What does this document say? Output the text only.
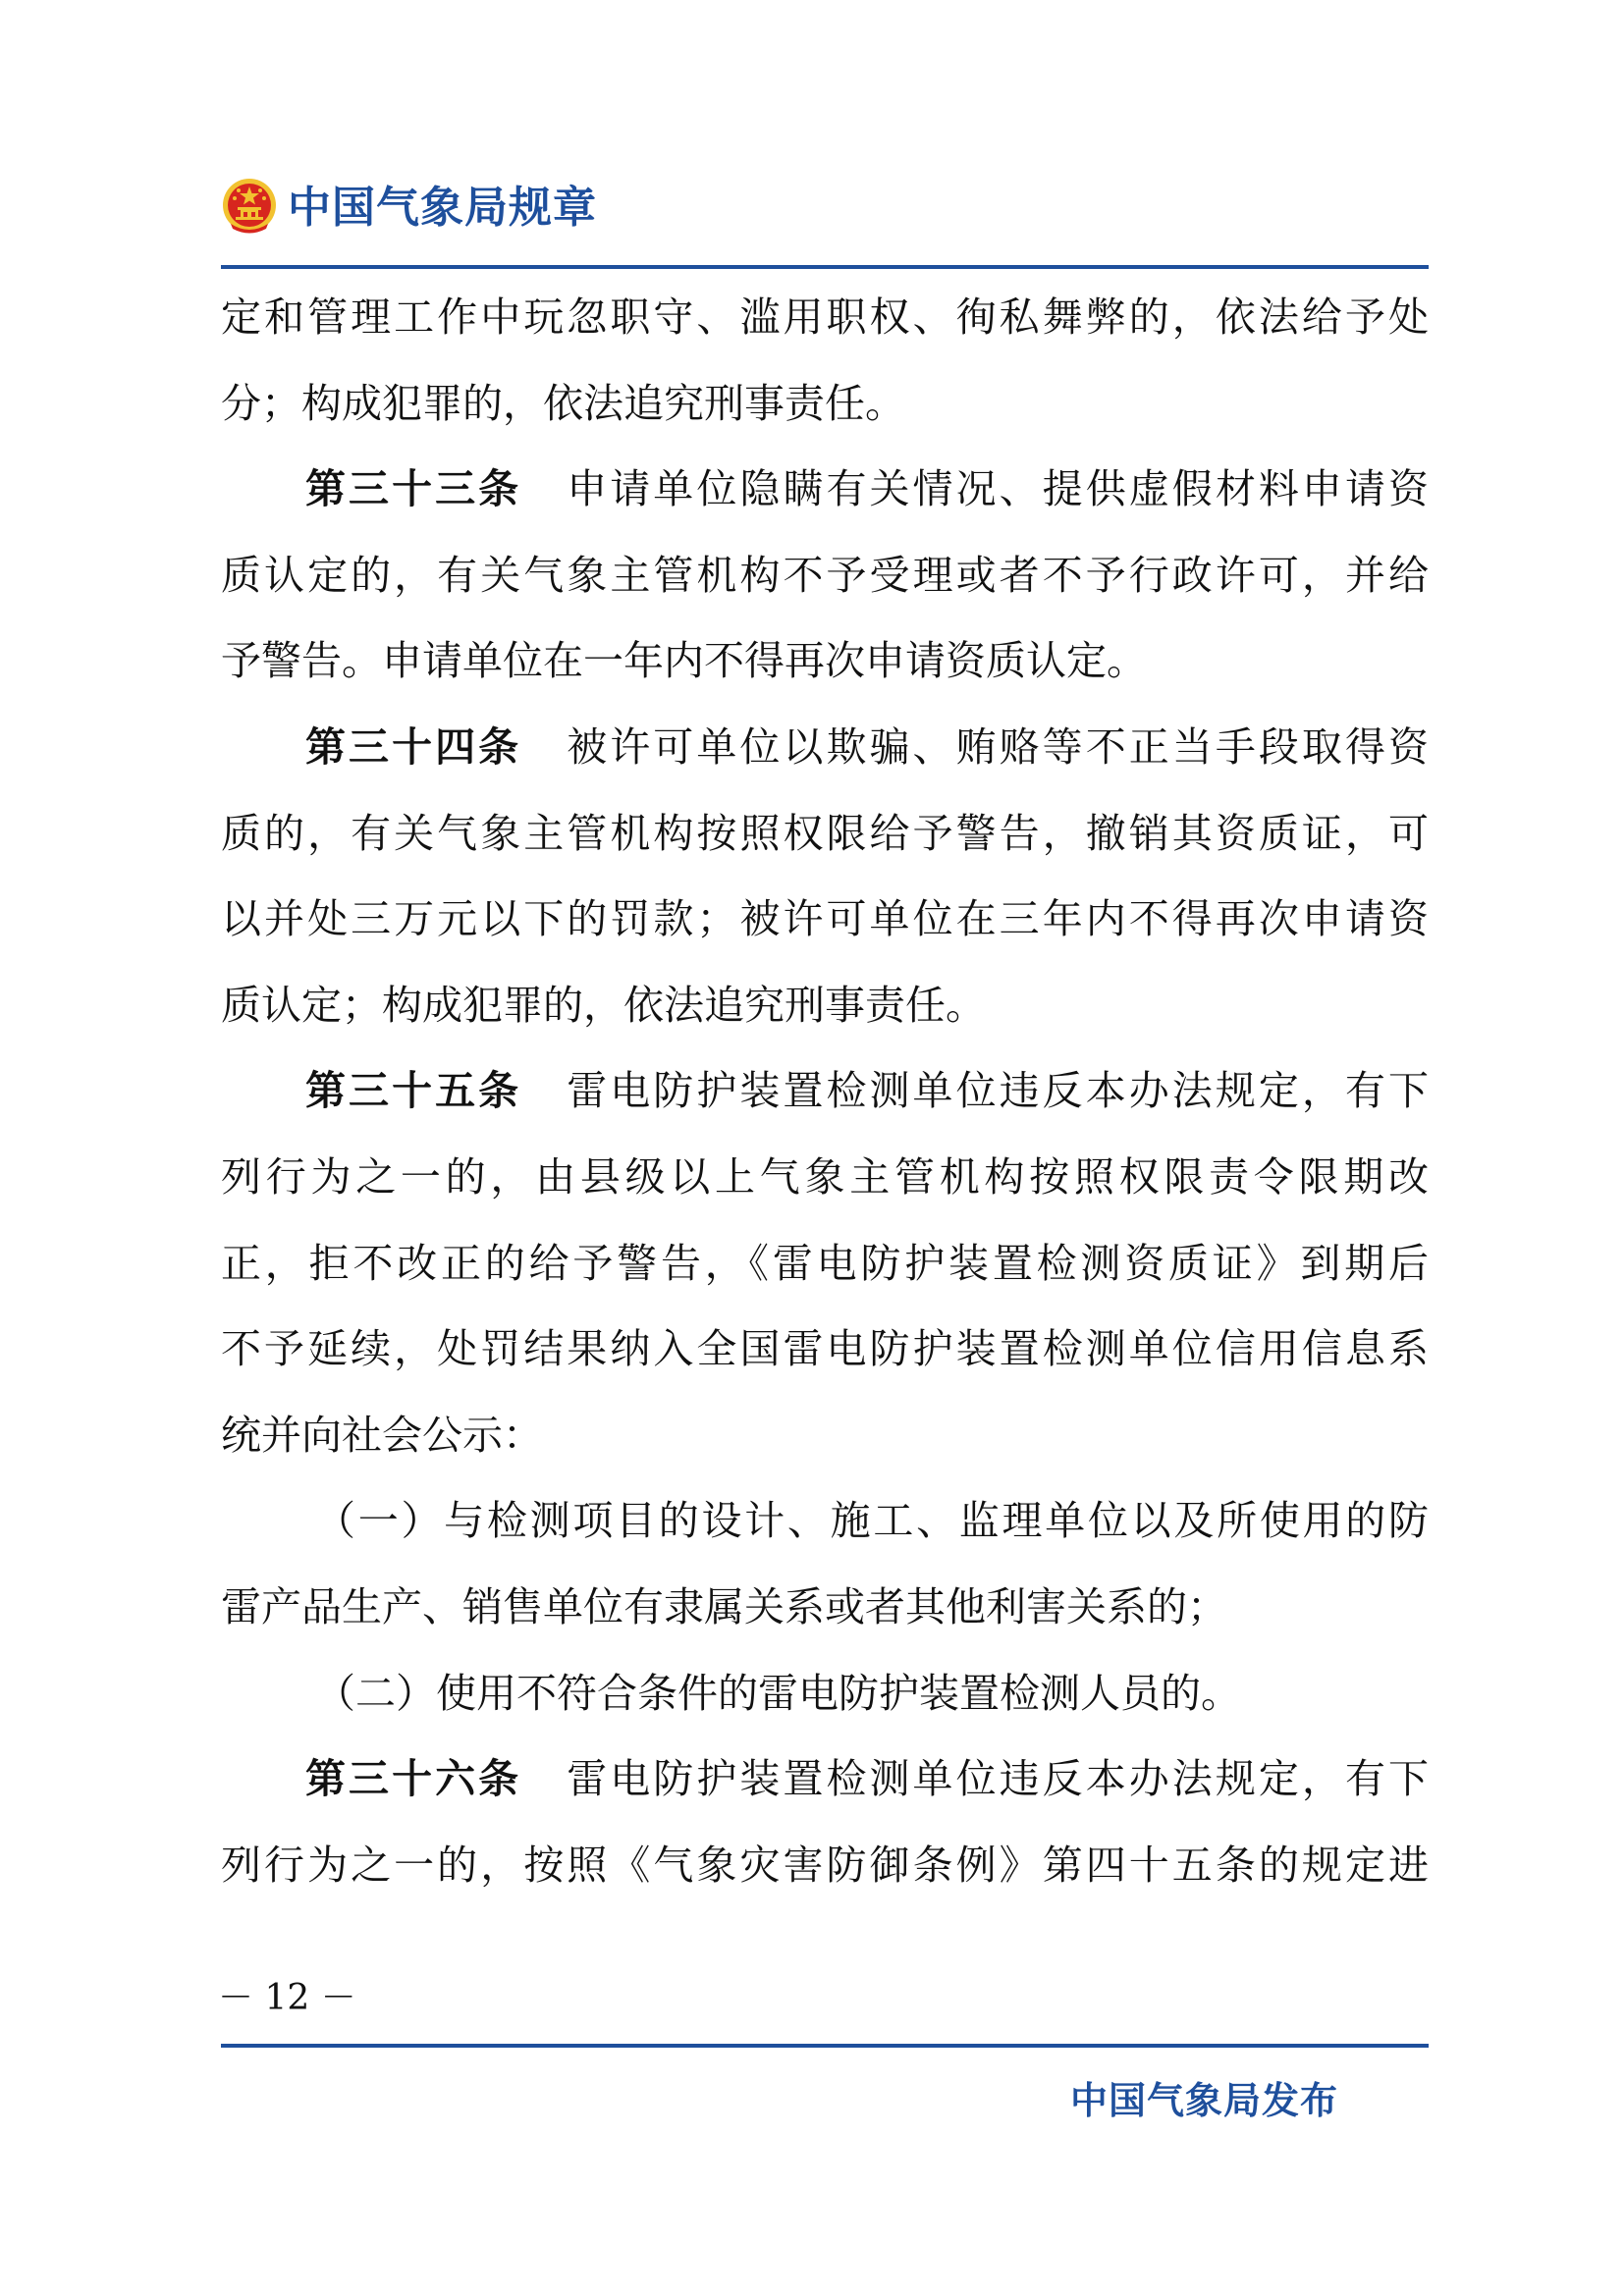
中国气象局规章
定和管理工作中玩忽职守、滥用职权、徇私舞弊的，依法给予处
分；构成犯罪的，依法追究刑事责任。
第三十三条 申请单位隐瞒有关情况、提供虚假材料申请资
质认定的，有关气象主管机构不予受理或者不予行政许可，并给
予警告。申请单位在一年内不得再次申请资质认定。
第三十四条 被许可单位以欺骗、贿赂等不正当手段取得资
质的，有关气象主管机构按照权限给予警告，撤销其资质证，可
以并处三万元以下的罚款；被许可单位在三年内不得再次申请资
质认定；构成犯罪的，依法追究刑事责任。
第三十五条 雷电防护装置检测单位违反本办法规定，有下
列行为之一的，由县级以上气象主管机构按照权限责令限期改
正，拒不改正的给予警告，《雷电防护装置检测资质证》到期后
不予延续，处罚结果纳入全国雷电防护装置检测单位信用信息系
统并向社会公示：
（一）与检测项目的设计、施工、监理单位以及所使用的防
雷产品生产、销售单位有隶属关系或者其他利害关系的；
（二）使用不符合条件的雷电防护装置检测人员的。
第三十六条 雷电防护装置检测单位违反本办法规定，有下
列行为之一的，按照《气象灾害防御条例》第四十五条的规定进
－ 12 －
中国气象局发布
